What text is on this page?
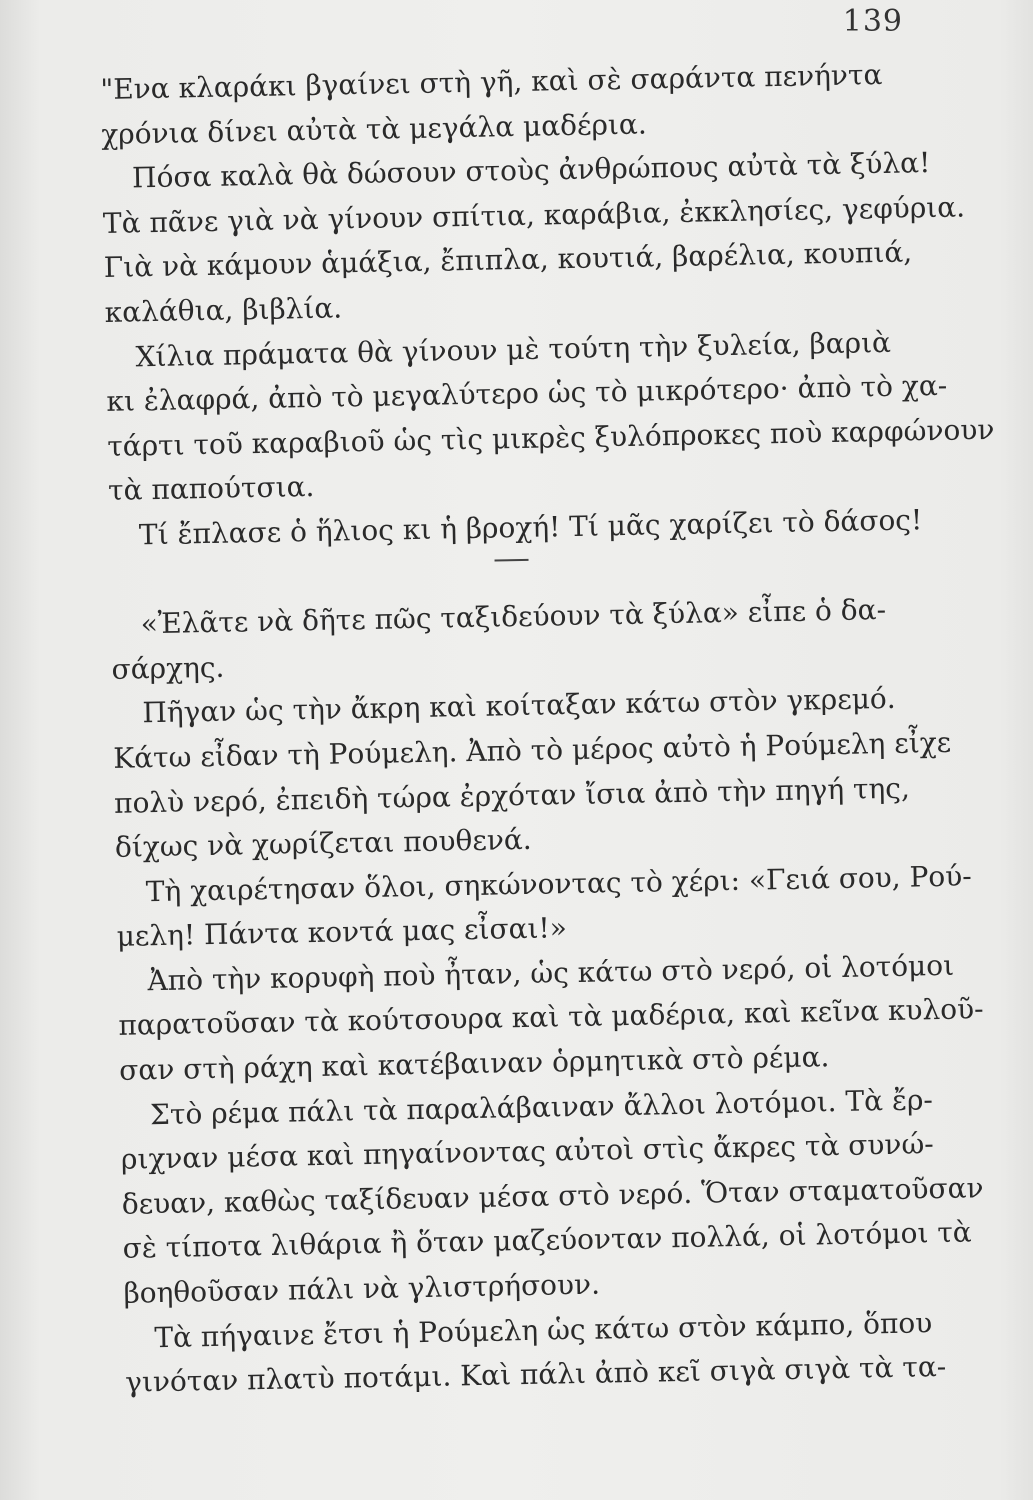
139
"Ενα κλαράκι βγαίνει στὴ γῆ, καὶ σὲ σαράντα πενήντα
χρόνια δίνει αὐτὰ τὰ μεγάλα μαδέρια.
Πόσα καλὰ θὰ δώσουν στοὺς ἀνθρώπους αὐτὰ τὰ ξύλα!
Τὰ πᾶνε γιὰ νὰ γίνουν σπίτια, καράβια, ἐκκλησίες, γεφύρια.
Γιὰ νὰ κάμουν ἁμάξια, ἔπιπλα, κουτιά, βαρέλια, κουπιά,
καλάθια, βιβλία.
Χίλια πράματα θὰ γίνουν μὲ τούτη τὴν ξυλεία, βαριὰ
κι ἐλαφρά, ἀπὸ τὸ μεγαλύτερο ὡς τὸ μικρότερο· ἀπὸ τὸ χα-
τάρτι τοῦ καραβιοῦ ὡς τὶς μικρὲς ξυλόπροκες ποὺ καρφώνουν
τὰ παπούτσια.
Τί ἔπλασε ὁ ἥλιος κι ἡ βροχή! Τί μᾶς χαρίζει τὸ δάσος!
«Ἐλᾶτε νὰ δῆτε πῶς ταξιδεύουν τὰ ξύλα» εἶπε ὁ δα-
σάρχης.
Πῆγαν ὡς τὴν ἄκρη καὶ κοίταξαν κάτω στὸν γκρεμό.
Κάτω εἶδαν τὴ Ρούμελη. Ἀπὸ τὸ μέρος αὐτὸ ἡ Ρούμελη εἶχε
πολὺ νερό, ἐπειδὴ τώρα ἐρχόταν ἴσια ἀπὸ τὴν πηγή της,
δίχως νὰ χωρίζεται πουθενά.
Τὴ χαιρέτησαν ὅλοι, σηκώνοντας τὸ χέρι: «Γειά σου, Ρού-
μελη! Πάντα κοντά μας εἶσαι!»
Ἀπὸ τὴν κορυφὴ ποὺ ἦταν, ὡς κάτω στὸ νερό, οἱ λοτόμοι
παρατοῦσαν τὰ κούτσουρα καὶ τὰ μαδέρια, καὶ κεῖνα κυλοῦ-
σαν στὴ ράχη καὶ κατέβαιναν ὁρμητικὰ στὸ ρέμα.
Στὸ ρέμα πάλι τὰ παραλάβαιναν ἄλλοι λοτόμοι. Τὰ ἔρ-
ριχναν μέσα καὶ πηγαίνοντας αὐτοὶ στὶς ἄκρες τὰ συνώ-
δευαν, καθὼς ταξίδευαν μέσα στὸ νερό. Ὅταν σταματοῦσαν
σὲ τίποτα λιθάρια ἢ ὅταν μαζεύονταν πολλά, οἱ λοτόμοι τὰ
βοηθοῦσαν πάλι νὰ γλιστρήσουν.
Τὰ πήγαινε ἔτσι ἡ Ρούμελη ὡς κάτω στὸν κάμπο, ὅπου
γινόταν πλατὺ ποτάμι. Καὶ πάλι ἀπὸ κεῖ σιγὰ σιγὰ τὰ τα-
